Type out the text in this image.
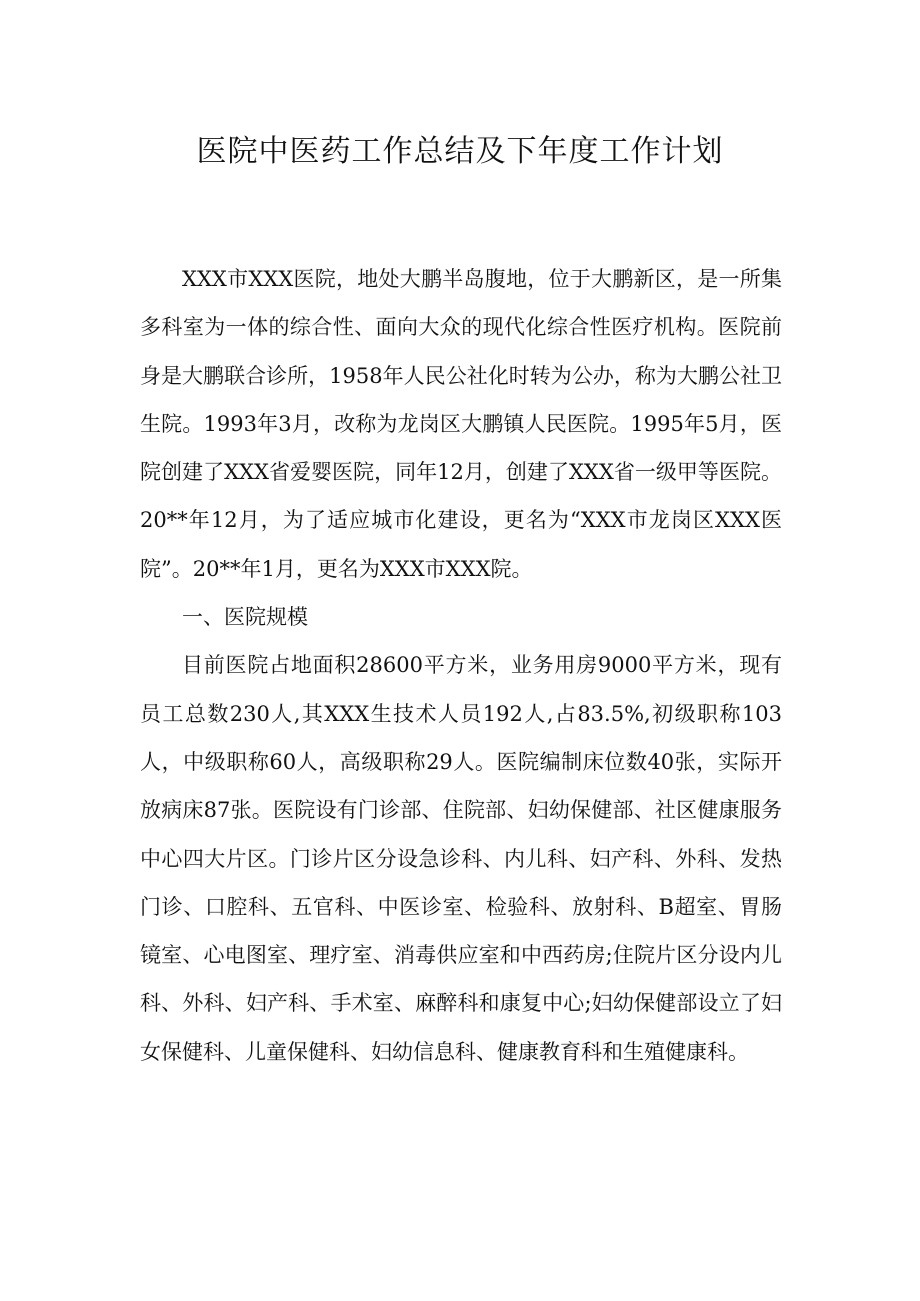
医院中医药工作总结及下年度工作计划

XXX市XXX医院，地处大鹏半岛腹地，位于大鹏新区，是一所集多科室为一体的综合性、面向大众的现代化综合性医疗机构。医院前身是大鹏联合诊所，1958年人民公社化时转为公办，称为大鹏公社卫生院。1993年3月，改称为龙岗区大鹏镇人民医院。1995年5月，医院创建了XXX省爱婴医院，同年12月，创建了XXX省一级甲等医院。20**年12月，为了适应城市化建设，更名为“XXX市龙岗区XXX医院”。20**年1月，更名为XXX市XXX院。

一、医院规模

目前医院占地面积28600平方米，业务用房9000平方米，现有员工总数230人,其XXX生技术人员192人,占83.5%,初级职称103人，中级职称60人，高级职称29人。医院编制床位数40张，实际开放病床87张。医院设有门诊部、住院部、妇幼保健部、社区健康服务中心四大片区。门诊片区分设急诊科、内儿科、妇产科、外科、发热门诊、口腔科、五官科、中医诊室、检验科、放射科、B超室、胃肠镜室、心电图室、理疗室、消毒供应室和中西药房;住院片区分设内儿科、外科、妇产科、手术室、麻醉科和康复中心;妇幼保健部设立了妇女保健科、儿童保健科、妇幼信息科、健康教育科和生殖健康科。
